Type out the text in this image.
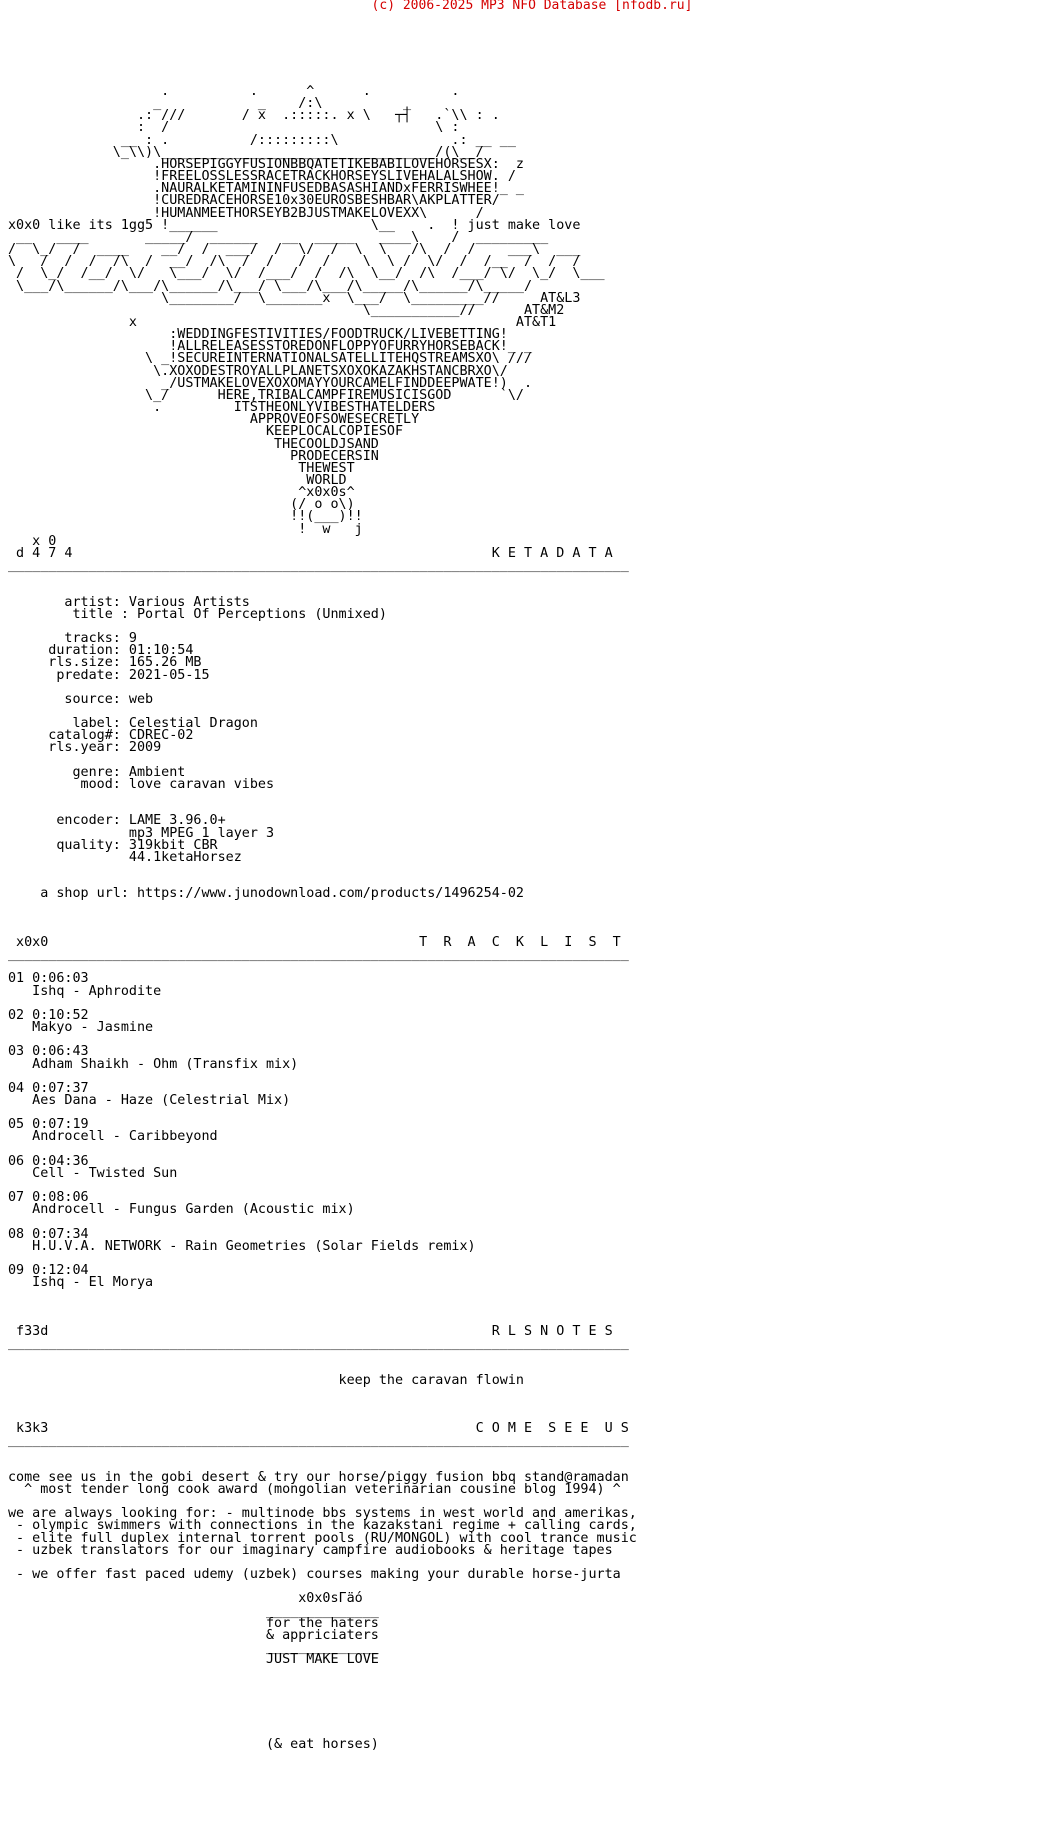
(c) 2006-2025 MP3 NFO Database [nfodb.ru]
.          .      ^      .          .
_            _    /:\          _
.: ///       / x  .:::::. x \   ┬┤   .`\\ : .
:  /                                 \ :
__ : .          /:::::::::\              .: __ __
\_\\)\__________________________________/(\__/
.HORSEPIGGYFUSIONBBQATETIKEBABILOVEHORSESX:  z
!FREELOSSLESSRACETRACKHORSEYSLIVEHALALSHOW. /
.NAURALKETAMININFUSEDBASASHIANDxFERRISWHEE!_ _
!CUREDRACEHORSE10x30EUROSBESHBAR\AKPLATTER/
!HUMANMEETHORSEYB2BJUSTMAKELOVEXX\      /
x0x0 like its 1gg5 !______                   \__    .  ! just make love
__   ____       _____/  ______   __  _____   ____\    /  _________
/  \_/  /  ____    __/  /  ___/  /  \/  /  \  \   /\  /  /    ___\  ___
\   /  /  /  /\  /  __/  /\  /  /   /  /    \  \ /  \/  /  /__  /  /  /
/  \_/  /__/  \/   \___/  \/  /___/  /  /\  \__/  /\  /___/ \/  \_/  \___
\___/\______/\___/\______/\___/ \___/\___/\_____/\______/\_____/
\________/  \_______x  \___/  \_________//     AT&L3
\___________//      AT&M2
x                                               AT&T1
:WEDDINGFESTIVITIES/FOODTRUCK/LIVEBETTING!
!ALLRELEASESSTOREDONFLOPPYOFURRYHORSEBACK!_ _
\ _!SECUREINTERNATIONALSATELLITEHQSTREAMSXO\ ///
\.XOXODESTROYALLPLANETSXOXOKAZAKHSTANCBRXO\/
_/USTMAKELOVEXOXOMAYYOURCAMELFINDDEEPWATE!)  .
\_/      HERE,TRIBALCAMPFIREMUSICISGOD      `\/
.         ITSTHEONLYVIBESTHATELDERS
APPROVEOFSOWESECRETLY
KEEPLOCALCOPIESOF
THECOOLDJSAND
PRODECERSIN
THEWEST
WORLD
^x0x0s^
(/ o o\)
!!(___)!!
!  w   j
x 0
d 4 7 4                                                    K E T A D A T A
_____________________________________________________________________________

artist: Various Artists
title : Portal Of Perceptions (Unmixed)

tracks: 9
duration: 01:10:54
rls.size: 165.26 MB
predate: 2021-05-15

source: web

label: Celestial Dragon
catalog#: CDREC-02
rls.year: 2009

genre: Ambient
mood: love caravan vibes

encoder: LAME 3.96.0+
mp3 MPEG 1 layer 3
quality: 319kbit CBR
44.1ketaHorsez

a shop url: https://www.junodownload.com/products/1496254-02

x0x0                                              T  R  A  C  K  L  I  S  T
_____________________________________________________________________________

01 0:06:03
Ishq - Aphrodite

02 0:10:52
Makyo - Jasmine

03 0:06:43
Adham Shaikh - Ohm (Transfix mix)

04 0:07:37
Aes Dana - Haze (Celestrial Mix)

05 0:07:19
Androcell - Caribbeyond

06 0:04:36
Cell - Twisted Sun

07 0:08:06
Androcell - Fungus Garden (Acoustic mix)

08 0:07:34
H.U.V.A. NETWORK - Rain Geometries (Solar Fields remix)

09 0:12:04
Ishq - El Morya

f33d                                                       R L S N O T E S
_____________________________________________________________________________

keep the caravan flowin

k3k3                                                     C O M E  S E E  U S
_____________________________________________________________________________

come see us in the gobi desert & try our horse/piggy fusion bbq stand@ramadan
^ most tender long cook award (mongolian veterinarian cousine blog 1994) ^

we are always looking for: - multinode bbs systems in west world and amerikas,
- olympic swimmers with connections in the kazakstani regime + calling cards,
- elite full duplex internal torrent pools (RU/MONGOL) with cool trance music
- uzbek translators for our imaginary campfire audiobooks & heritage tapes

- we offer fast paced udemy (uzbek) courses making your durable horse-jurta

x0x0sГäó
______________
for the haters
& appriciaters
______________
JUST MAKE LOVE

(& eat horses)
